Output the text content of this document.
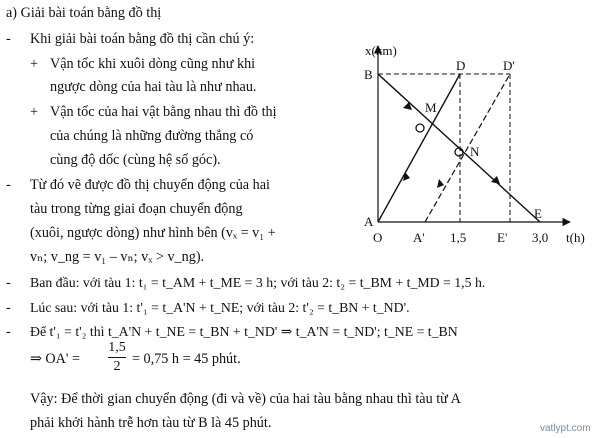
a) Giải bài toán bằng đồ thị
- Khi giải bài toán bằng đồ thị cần chú ý:
+ Vận tốc khi xuôi dòng cũng như khi
ngược dòng của hai tàu là như nhau.
+ Vận tốc của hai vật bằng nhau thì đồ thị
của chúng là những đường thẳng có
cùng độ dốc (cùng hệ số góc).
- Từ đó vẽ được đồ thị chuyển động của hai
tàu trong từng giai đoạn chuyển động
(xuôi, ngược dòng) như hình bên (vₓ = v₁ +
vₙ; v_ng = v₁ – vₙ; vₓ > v_ng).
- Ban đầu: với tàu 1: t₁ = t_AM + t_ME = 3 h; với tàu 2: t₂ = t_BM + t_MD = 1,5 h.
- Lúc sau: với tàu 1: t'₁ = t_A'N + t_NE; với tàu 2: t'₂ = t_BN + t_ND'.
- Để t'₁ = t'₂ thì t_A'N + t_NE = t_BN + t_ND' ⇒ t_A'N = t_ND'; t_NE = t_BN
⇒ OA' =
1,5
2 = 0,75 h = 45 phút.
Vậy: Để thời gian chuyển động (đi và về) của hai tàu bằng nhau thì tàu từ A
phải khởi hành trễ hơn tàu từ B là 45 phút.
x(km)
t(h)
B
D	D'
M
N
A
E
O A' 1,5 E' 3,0
vatlypt.com
